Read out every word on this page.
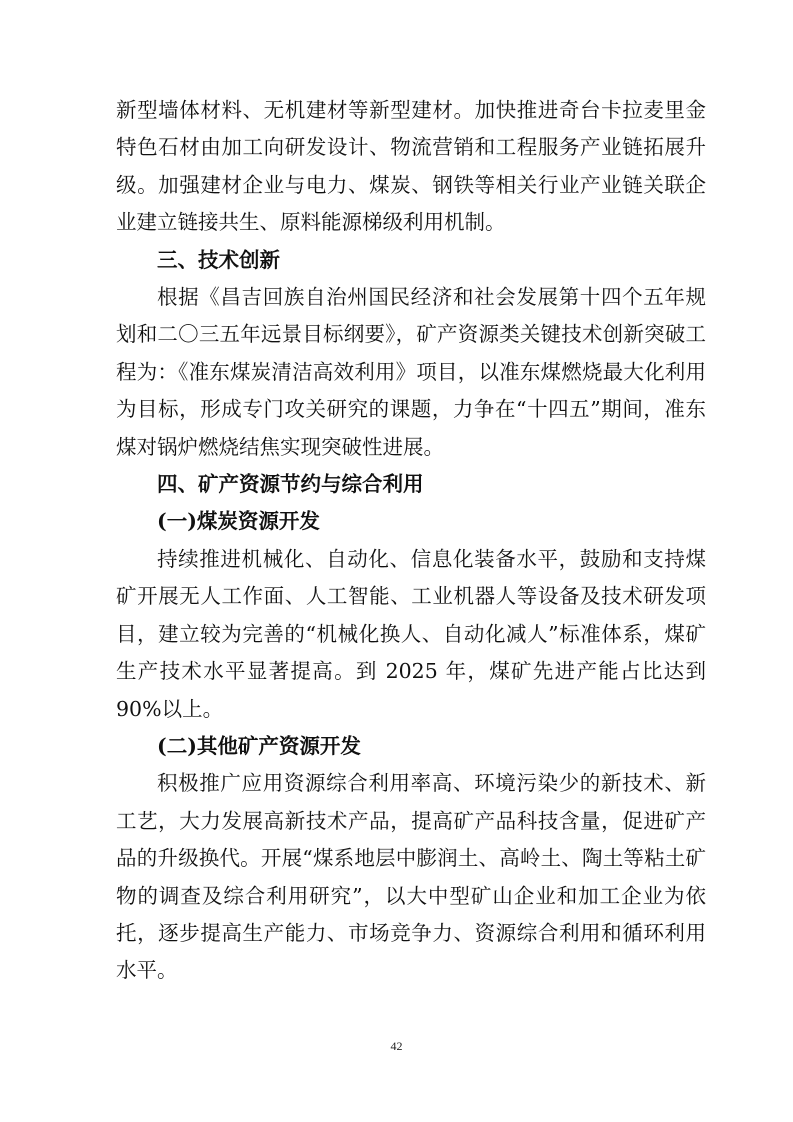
新型墙体材料、无机建材等新型建材。加快推进奇台卡拉麦里金特色石材由加工向研发设计、物流营销和工程服务产业链拓展升级。加强建材企业与电力、煤炭、钢铁等相关行业产业链关联企业建立链接共生、原料能源梯级利用机制。

三、技术创新

根据《昌吉回族自治州国民经济和社会发展第十四个五年规划和二〇三五年远景目标纲要》，矿产资源类关键技术创新突破工程为：《准东煤炭清洁高效利用》项目，以准东煤燃烧最大化利用为目标，形成专门攻关研究的课题，力争在“十四五”期间，准东煤对锅炉燃烧结焦实现突破性进展。

四、矿产资源节约与综合利用
(一)煤炭资源开发

持续推进机械化、自动化、信息化装备水平，鼓励和支持煤矿开展无人工作面、人工智能、工业机器人等设备及技术研发项目，建立较为完善的“机械化换人、自动化减人”标准体系，煤矿生产技术水平显著提高。到 2025 年，煤矿先进产能占比达到90%以上。

(二)其他矿产资源开发

积极推广应用资源综合利用率高、环境污染少的新技术、新工艺，大力发展高新技术产品，提高矿产品科技含量，促进矿产品的升级换代。开展“煤系地层中膨润土、高岭土、陶土等粘土矿物的调查及综合利用研究”，以大中型矿山企业和加工企业为依托，逐步提高生产能力、市场竞争力、资源综合利用和循环利用水平。

42
